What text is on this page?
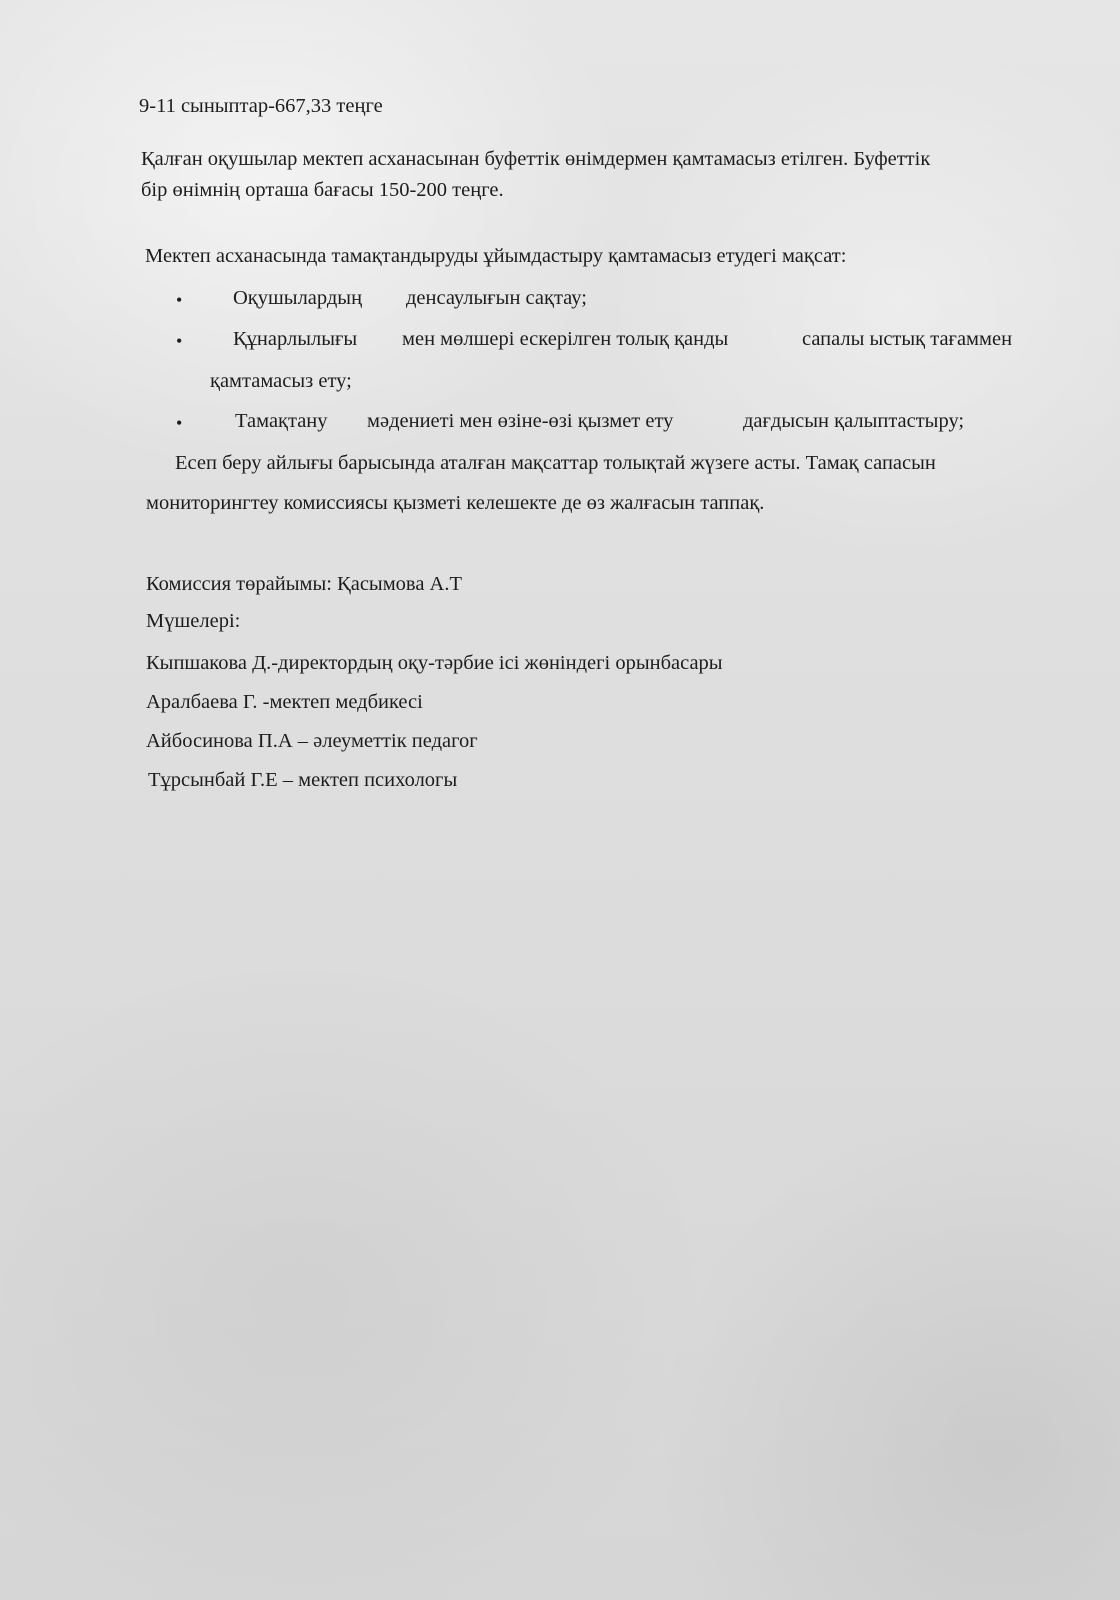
9-11 сыныптар-667,33 теңге
Қалған оқушылар мектеп асханасынан буфеттік өнімдермен қамтамасыз етілген. Буфеттік
бір өнімнің орташа бағасы 150-200 теңге.
Мектеп асханасында тамақтандыруды ұйымдастыру қамтамасыз етудегі мақсат:
• Оқушылардың денсаулығын сақтау;
• Құнарлылығы мен мөлшері ескерілген толық қанды	сапалы ыстық тағаммен
қамтамасыз ету;
•	Тамақтану мәдениеті мен өзіне-өзі қызмет ету	дағдысын қалыптастыру;
Есеп беру айлығы барысында аталған мақсаттар толықтай жүзеге асты. Тамақ сапасын
мониторингтеу комиссиясы қызметі келешекте де өз жалғасын таппақ.
Комиссия төрайымы: Қасымова А.Т
Мүшелері:
Кыпшакова Д.-директордың оқу-тәрбие ісі жөніндегі орынбасары
Аралбаева Г. -мектеп медбикесі
Айбосинова П.А – әлеуметтік педагог
Тұрсынбай Г.Е – мектеп психологы
